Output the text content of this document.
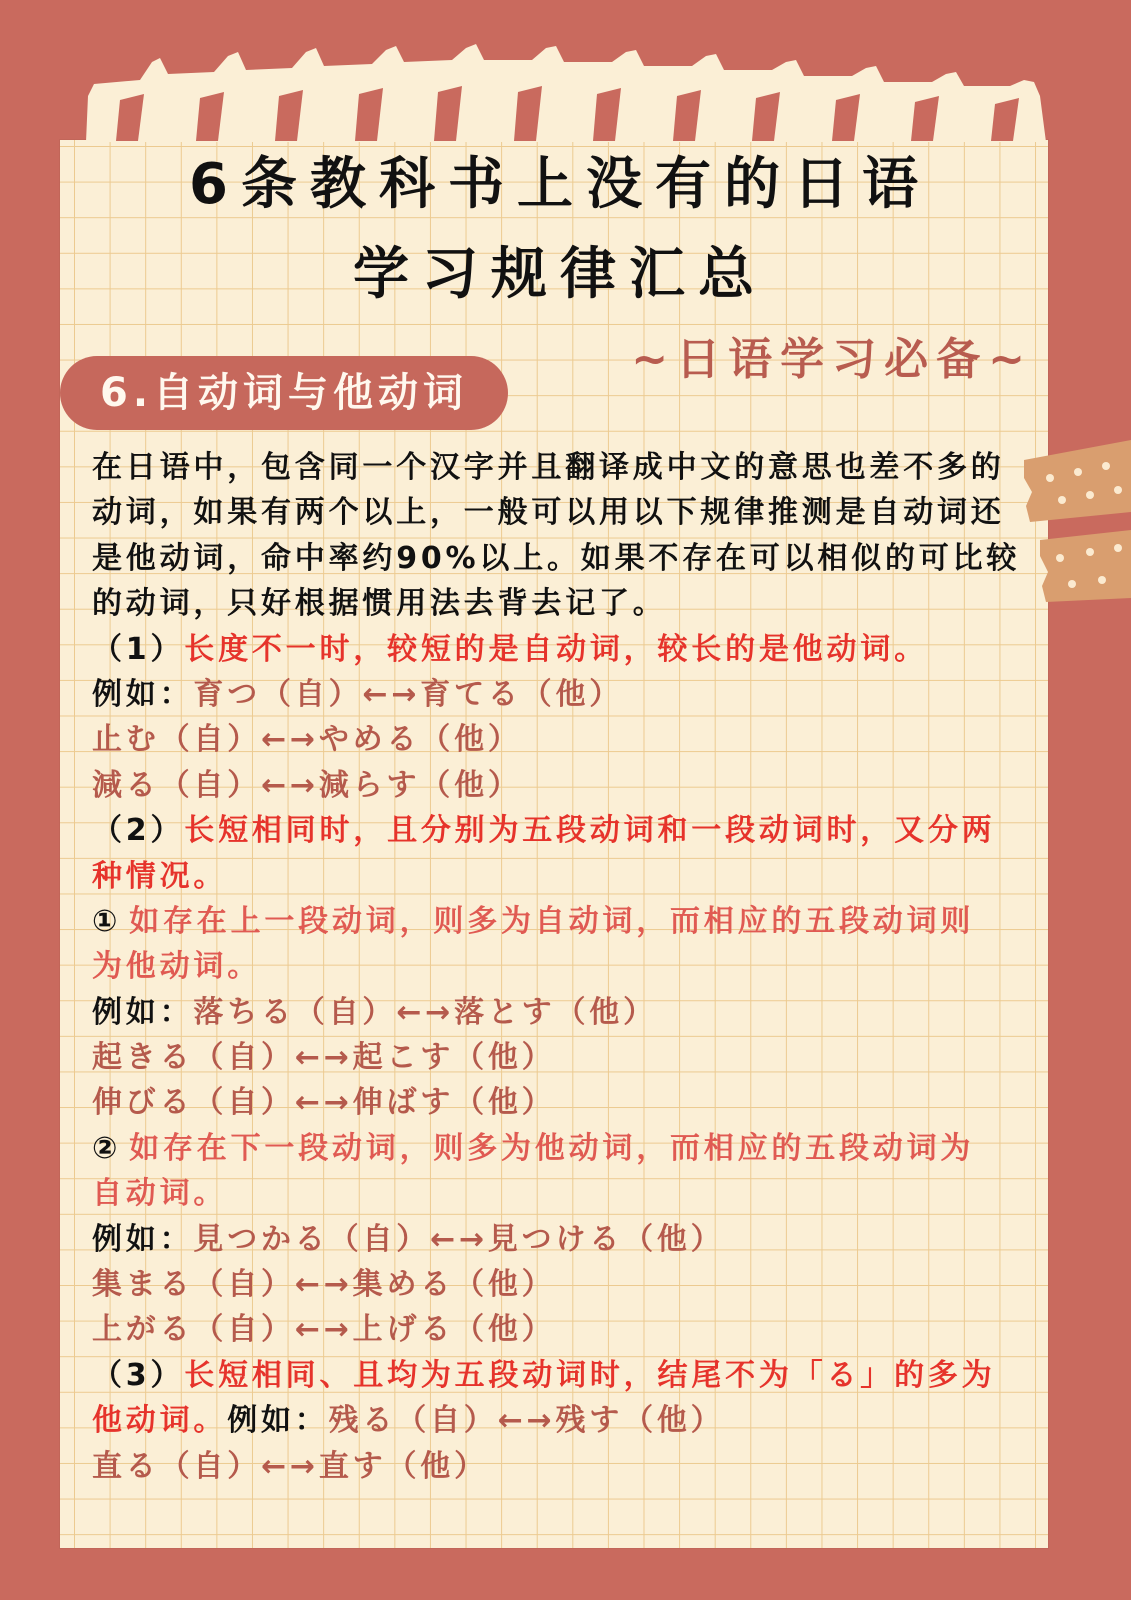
6条教科书上没有的日语
学习规律汇总
~日语学习必备~
6.自动词与他动词
在日语中，包含同一个汉字并且翻译成中文的意思也差不多的
动词，如果有两个以上，一般可以用以下规律推测是自动词还
是他动词，命中率约90%以上。如果不存在可以相似的可比较
的动词，只好根据惯用法去背去记了。
（1）长度不一时，较短的是自动词，较长的是他动词。
例如：育つ（自）←→育てる（他）
止む（自）←→やめる（他）
減る（自）←→減らす（他）
（2）长短相同时，且分别为五段动词和一段动词时，又分两
种情况。
① 如存在上一段动词，则多为自动词，而相应的五段动词则
为他动词。
例如：落ちる（自）←→落とす（他）
起きる（自）←→起こす（他）
伸びる（自）←→伸ばす（他）
② 如存在下一段动词，则多为他动词，而相应的五段动词为
自动词。
例如：見つかる（自）←→見つける（他）
集まる（自）←→集める（他）
上がる（自）←→上げる（他）
（3）长短相同、且均为五段动词时，结尾不为「る」的多为
他动词。例如：残る（自）←→残す（他）
直る（自）←→直す（他）
